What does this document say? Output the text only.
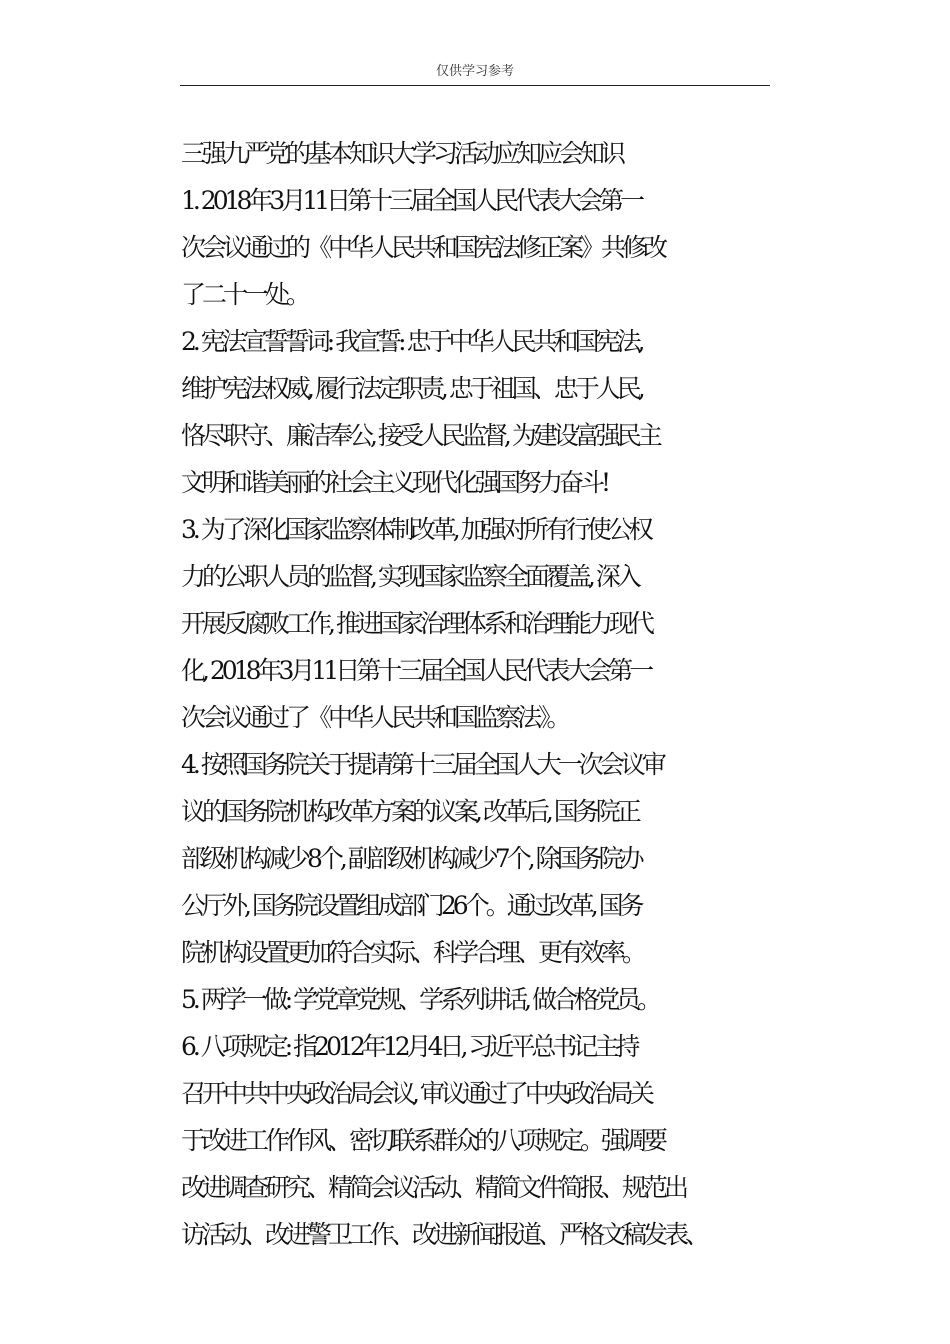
仅供学习参考
三强九严党的基本知识大学习活动应知应会知识
1. 2018年3月11日第十三届全国人民代表大会第一
次会议通过的《中华人民共和国宪法修正案》共修改
了二十一处。
2. 宪法宣誓誓词: 我宣誓: 忠于中华人民共和国宪法,
维护宪法权威, 履行法定职责, 忠于祖国、忠于人民,
恪尽职守、廉洁奉公, 接受人民监督, 为建设富强民主
文明和谐美丽的社会主义现代化强国努力奋斗!
3. 为了深化国家监察体制改革, 加强对所有行使公权
力的公职人员的监督, 实现国家监察全面覆盖, 深入
开展反腐败工作, 推进国家治理体系和治理能力现代
化, 2018年3月11日第十三届全国人民代表大会第一
次会议通过了《中华人民共和国监察法》。
4. 按照国务院关于提请第十三届全国人大一次会议审
议的国务院机构改革方案的议案, 改革后, 国务院正
部级机构减少8个, 副部级机构减少7个, 除国务院办
公厅外, 国务院设置组成部门26个。通过改革, 国务
院机构设置更加符合实际、科学合理、更有效率。
5. 两学一做: 学党章党规、学系列讲话, 做合格党员。
6. 八项规定: 指2012年12月4日, 习近平总书记主持
召开中共中央政治局会议, 审议通过了中央政治局关
于改进工作作风、密切联系群众的八项规定。强调要
改进调查研究、精简会议活动、精简文件简报、规范出
访活动、改进警卫工作、改进新闻报道、严格文稿发表、
